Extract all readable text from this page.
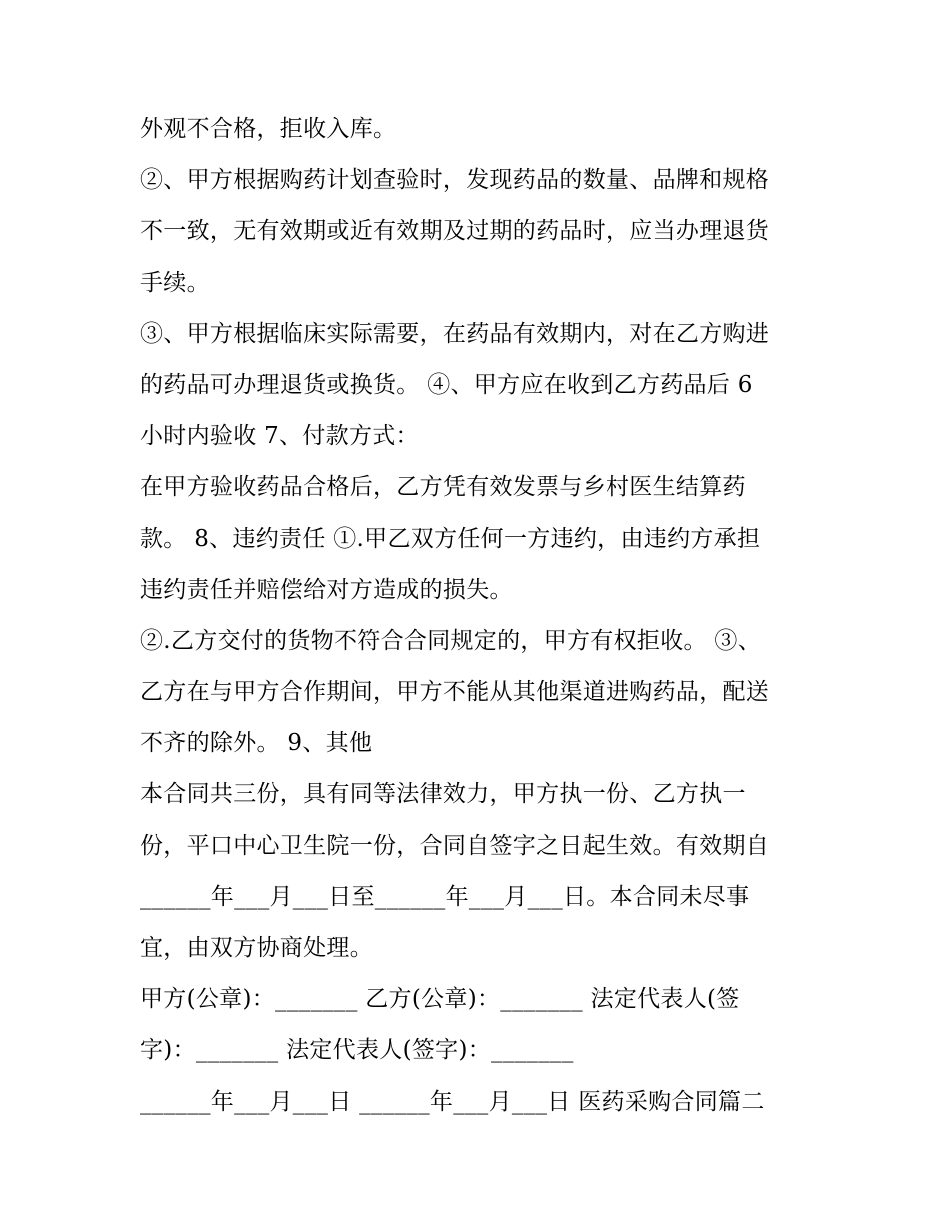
外观不合格，拒收入库。
②、甲方根据购药计划查验时，发现药品的数量、品牌和规格
不一致，无有效期或近有效期及过期的药品时，应当办理退货
手续。
③、甲方根据临床实际需要，在药品有效期内，对在乙方购进
的药品可办理退货或换货。 ④、甲方应在收到乙方药品后 6
小时内验收 7、付款方式：
在甲方验收药品合格后，乙方凭有效发票与乡村医生结算药
款。 8、违约责任 ①.甲乙双方任何一方违约，由违约方承担
违约责任并赔偿给对方造成的损失。
②.乙方交付的货物不符合合同规定的，甲方有权拒收。 ③、
乙方在与甲方合作期间，甲方不能从其他渠道进购药品，配送
不齐的除外。 9、其他
本合同共三份，具有同等法律效力，甲方执一份、乙方执一
份，平口中心卫生院一份，合同自签字之日起生效。有效期自
______年___月___日至______年___月___日。本合同未尽事
宜，由双方协商处理。
甲方(公章)：_______ 乙方(公章)：_______ 法定代表人(签
字)：_______ 法定代表人(签字)：_______
______年___月___日 ______年___月___日 医药采购合同篇二
